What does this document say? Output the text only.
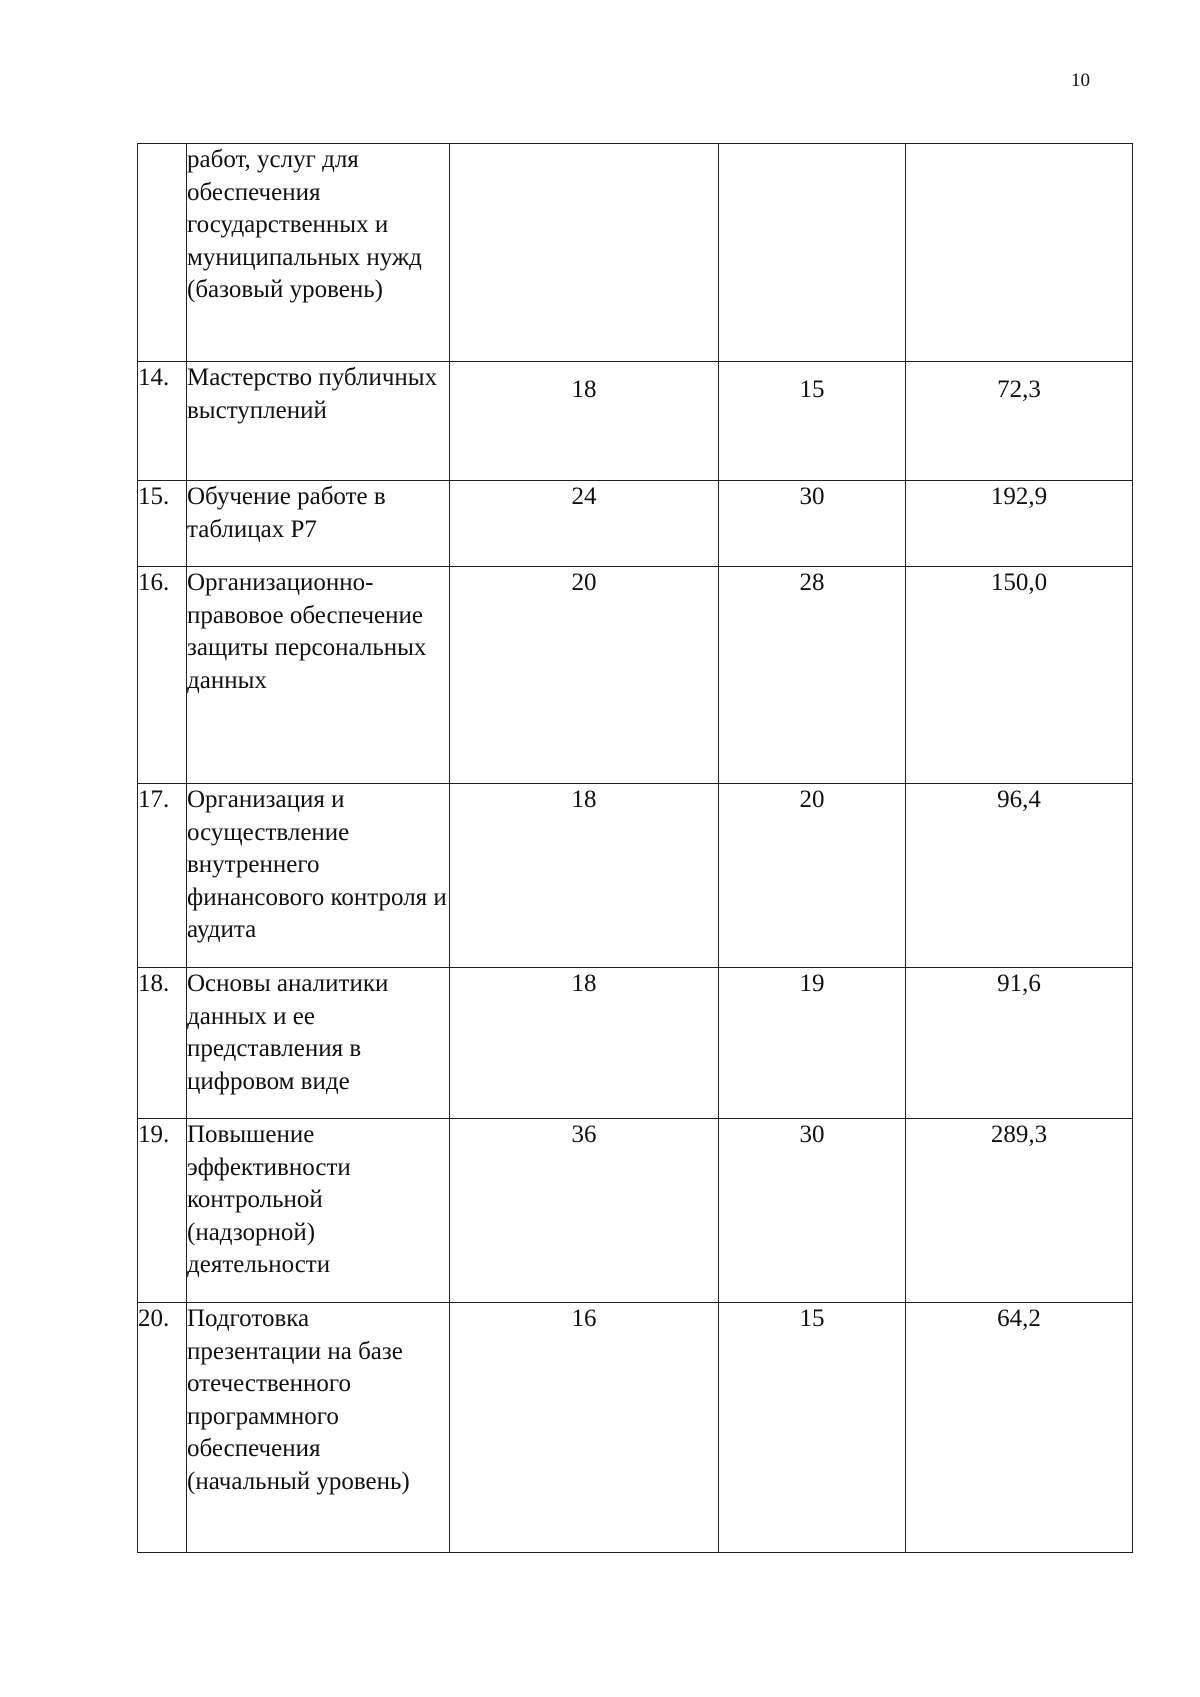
10
	работ, услуг для обеспечения государственных и муниципальных нужд (базовый уровень)			
14.	Мастерство публичных выступлений	18	15	72,3
15.	Обучение работе в таблицах Р7	24	30	192,9
16.	Организационно-правовое обеспечение защиты персональных данных	20	28	150,0
17.	Организация и осуществление внутреннего финансового контроля и аудита	18	20	96,4
18.	Основы аналитики данных и ее представления в цифровом виде	18	19	91,6
19.	Повышение эффективности контрольной (надзорной) деятельности	36	30	289,3
20.	Подготовка презентации на базе отечественного программного обеспечения (начальный уровень)	16	15	64,2
